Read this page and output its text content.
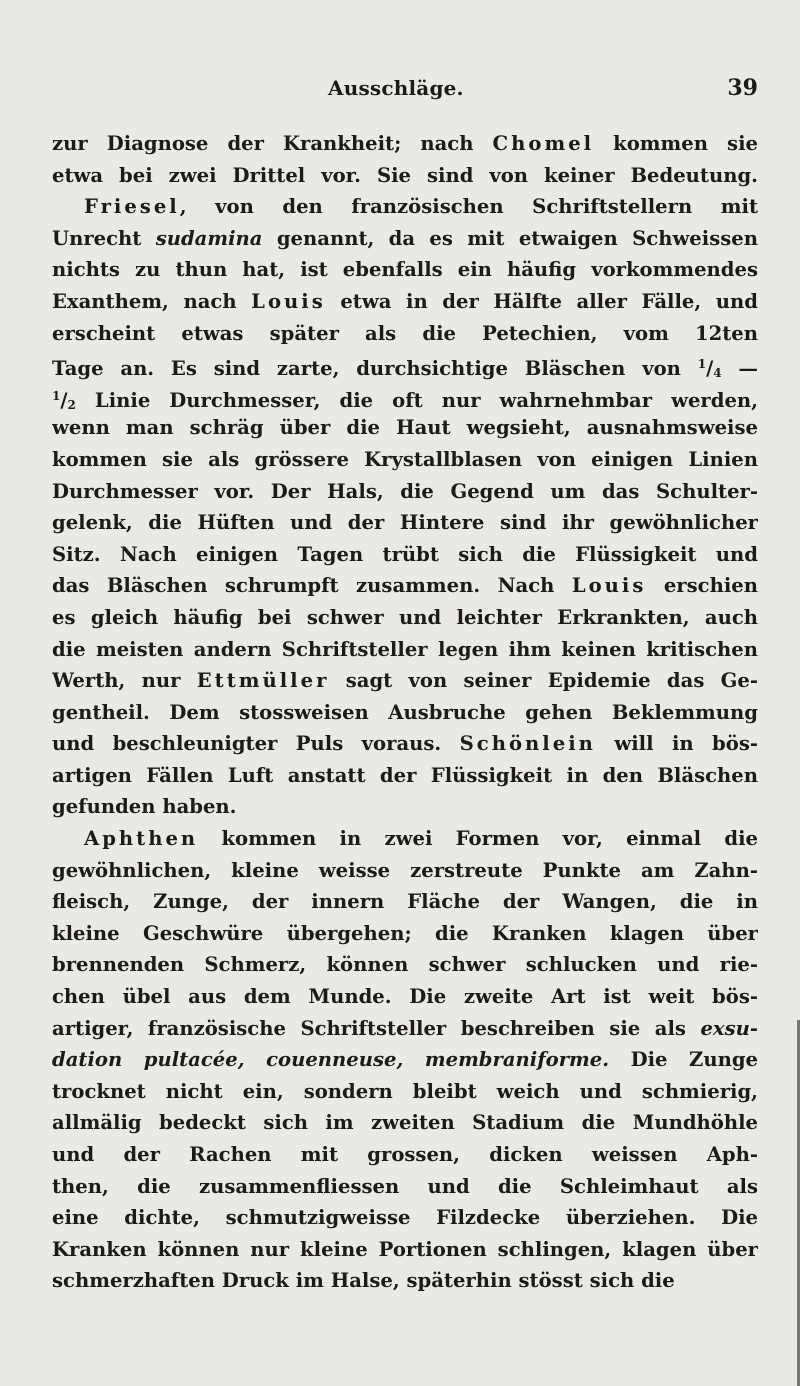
Ausschläge.	39
zur Diagnose der Krankheit; nach Chomel kommen sie
etwa bei zwei Drittel vor. Sie sind von keiner Bedeutung.
Friesel, von den französischen Schriftstellern mit
Unrecht sudamina genannt, da es mit etwaigen Schweissen
nichts zu thun hat, ist ebenfalls ein häufig vorkommendes
Exanthem, nach Louis etwa in der Hälfte aller Fälle, und
erscheint etwas später als die Petechien, vom 12ten
Tage an. Es sind zarte, durchsichtige Bläschen von $^1$/4 —
$^1$/2 Linie Durchmesser, die oft nur wahrnehmbar werden,
wenn man schräg über die Haut wegsieht, ausnahmsweise
kommen sie als grössere Krystallblasen von einigen Linien
Durchmesser vor. Der Hals, die Gegend um das Schulter-
gelenk, die Hüften und der Hintere sind ihr gewöhnlicher
Sitz. Nach einigen Tagen trübt sich die Flüssigkeit und
das Bläschen schrumpft zusammen. Nach Louis erschien
es gleich häufig bei schwer und leichter Erkrankten, auch
die meisten andern Schriftsteller legen ihm keinen kritischen
Werth, nur Ettmüller sagt von seiner Epidemie das Ge-
gentheil. Dem stossweisen Ausbruche gehen Beklemmung
und beschleunigter Puls voraus. Schönlein will in bös-
artigen Fällen Luft anstatt der Flüssigkeit in den Bläschen
gefunden haben.
Aphthen kommen in zwei Formen vor, einmal die
gewöhnlichen, kleine weisse zerstreute Punkte am Zahn-
fleisch, Zunge, der innern Fläche der Wangen, die in
kleine Geschwüre übergehen; die Kranken klagen über
brennenden Schmerz, können schwer schlucken und rie-
chen übel aus dem Munde. Die zweite Art ist weit bös-
artiger, französische Schriftsteller beschreiben sie als exsu-
dation pultacée, couenneuse, membraniforme. Die Zunge
trocknet nicht ein, sondern bleibt weich und schmierig,
allmälig bedeckt sich im zweiten Stadium die Mundhöhle
und der Rachen mit grossen, dicken weissen Aph-
then, die zusammenfliessen und die Schleimhaut als
eine dichte, schmutzigweisse Filzdecke überziehen. Die
Kranken können nur kleine Portionen schlingen, klagen über
schmerzhaften Druck im Halse, späterhin stösst sich die
